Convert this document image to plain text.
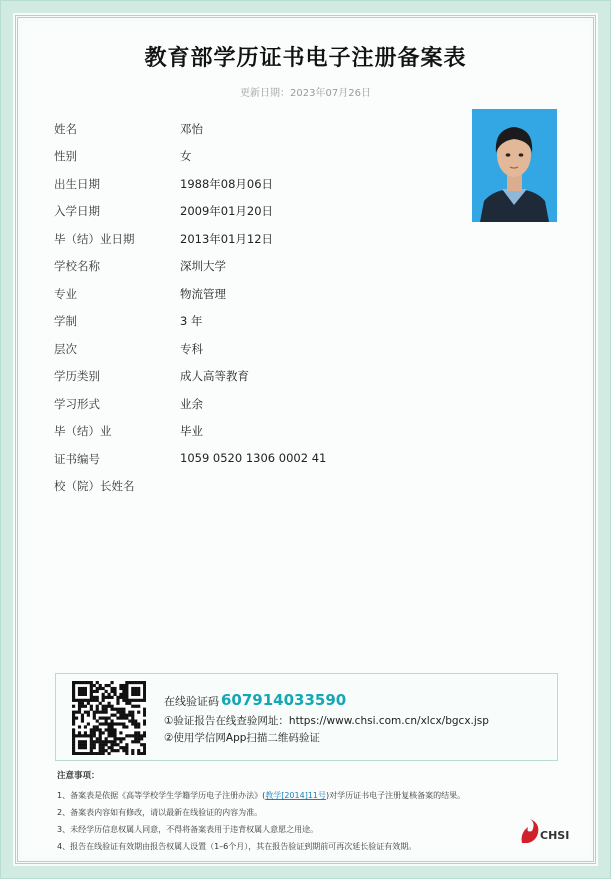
教育部学历证书电子注册备案表
更新日期：2023年07月26日
姓名	邓怡
性别	女
出生日期	1988年08月06日
入学日期	2009年01月20日
毕（结）业日期	2013年01月12日
学校名称	深圳大学
专业	物流管理
学制	3 年
层次	专科
学历类别	成人高等教育
学习形式	业余
毕（结）业	毕业
证书编号	1059 0520 1306 0002 41
校（院）长姓名
在线验证码 607914033590
①验证报告在线查验网址：https://www.chsi.com.cn/xlcx/bgcx.jsp
②使用学信网App扫描二维码验证
注意事项：
1、备案表是依据《高等学校学生学籍学历电子注册办法》(教学[2014]11号)对学历证书电子注册复核备案的结果。
2、备案表内容如有修改，请以最新在线验证的内容为准。
3、未经学历信息权属人同意，不得将备案表用于违背权属人意愿之用途。
4、报告在线验证有效期由报告权属人设置（1–6个月），其在报告验证到期前可再次延长验证有效期。
CHSI
